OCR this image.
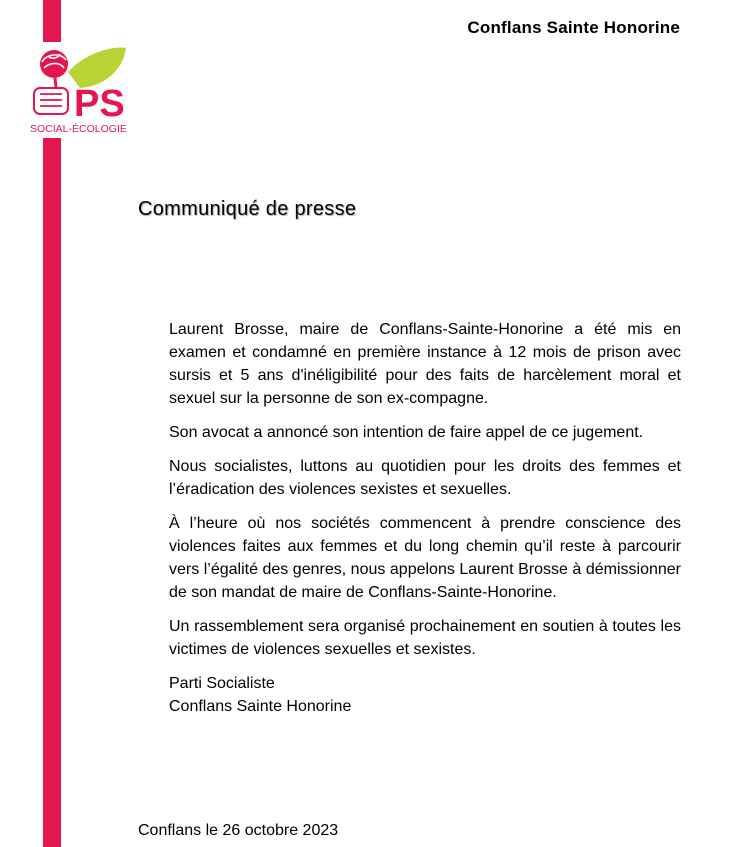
PS
SOCIAL-ÉCOLOGIE
Conflans Sainte Honorine
Communiqué de presse

Laurent Brosse, maire de Conflans-Sainte-Honorine a été mis en examen et condamné en première instance à 12 mois de prison avec sursis et 5 ans d'inéligibilité pour des faits de harcèlement moral et sexuel sur la personne de son ex-compagne.

Son avocat a annoncé son intention de faire appel de ce jugement.

Nous socialistes, luttons au quotidien pour les droits des femmes et l’éradication des violences sexistes et sexuelles.

À l’heure où nos sociétés commencent à prendre conscience des violences faites aux femmes et du long chemin qu’il reste à parcourir vers l’égalité des genres, nous appelons Laurent Brosse à démissionner de son mandat de maire de Conflans-Sainte-Honorine.

Un rassemblement sera organisé prochainement en soutien à toutes les victimes de violences sexuelles et sexistes.

Parti Socialiste
Conflans Sainte Honorine
Conflans le 26 octobre 2023
